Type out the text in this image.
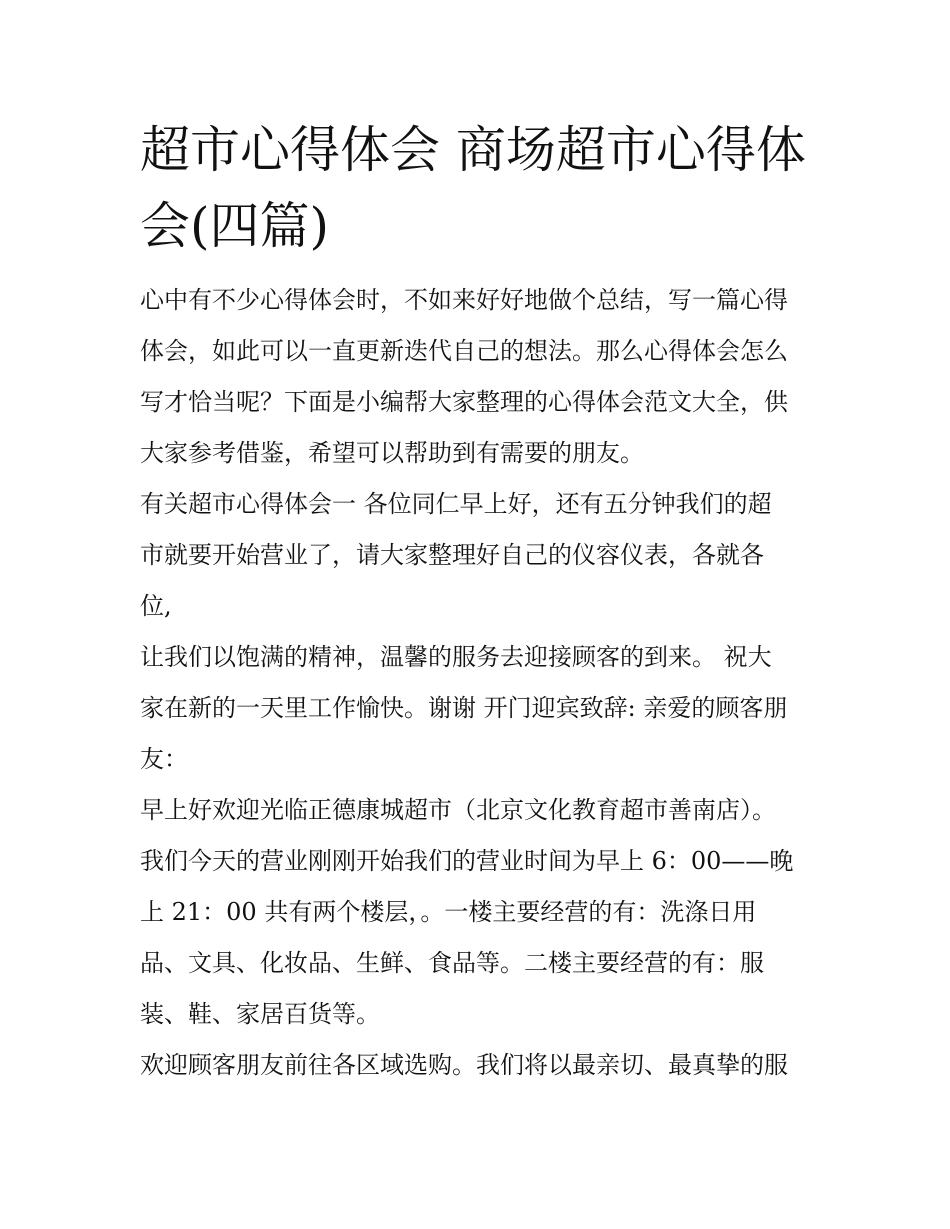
超市心得体会 商场超市心得体
会(四篇)

心中有不少心得体会时，不如来好好地做个总结，写一篇心得

体会，如此可以一直更新迭代自己的想法。那么心得体会怎么

写才恰当呢？下面是小编帮大家整理的心得体会范文大全，供

大家参考借鉴，希望可以帮助到有需要的朋友。

有关超市心得体会一 各位同仁早上好，还有五分钟我们的超

市就要开始营业了，请大家整理好自己的仪容仪表，各就各

位,

让我们以饱满的精神，温馨的服务去迎接顾客的到来。 祝大

家在新的一天里工作愉快。谢谢 开门迎宾致辞: 亲爱的顾客朋

友：

早上好欢迎光临正德康城超市（北京文化教育超市善南店）。

我们今天的营业刚刚开始我们的营业时间为早上 6：00——晚

上 21：00 共有两个楼层，。一楼主要经营的有：洗涤日用

品、文具、化妆品、生鲜、食品等。二楼主要经营的有：服

装、鞋、家居百货等。

欢迎顾客朋友前往各区域选购。我们将以最亲切、最真挚的服
